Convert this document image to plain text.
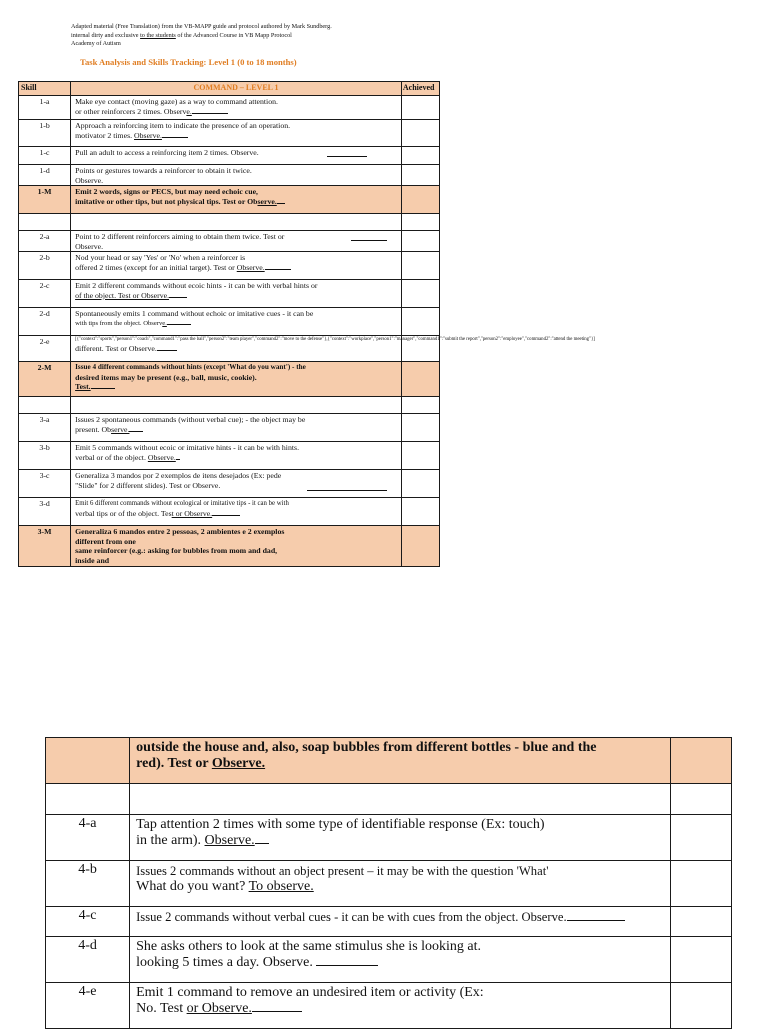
Adapted material (Free Translation) from the VB-MAPP guide and protocol authored by Mark Sundberg.
internal dirty and exclusive to the students of the Advanced Course in VB Mapp Protocol
Academy of Autism
Task Analysis and Skills Tracking: Level 1 (0 to 18 months)
Skill	COMMAND – LEVEL 1	Achieved
1-a	Make eye contact (moving gaze) as a way to command attention.
or other reinforcers 2 times. Observe.	

1-b	Approach a reinforcing item to indicate the presence of an operation.
motivator 2 times. Observe.	

1-c	Pull an adult to access a reinforcing item 2 times. Observe.	

1-d	Points or gestures towards a reinforcer to obtain it twice.
Observe.	

1-M	Emit 2 words, signs or PECS, but may need echoic cue,
imitative or other tips, but not physical tips. Test or Observe.	

2-a	Point to 2 different reinforcers aiming to obtain them twice. Test or
Observe.	

2-b	Nod your head or say 'Yes' or 'No' when a reinforcer is
offered 2 times (except for an initial target). Test or Observe.	

2-c	Emit 2 different commands without ecoic hints - it can be with verbal hints or
of the object. Test or Observe.	

2-d	Spontaneously emits 1 command without echoic or imitative cues - it can be
with tips from the object. Observe.	

2-e	[{"context":"sports","person1":"coach","command1":"pass the ball","person2":"team player","command2":"move to the defense"},{"context":"workplace","person1":"manager","command1":"submit the report","person2":"employee","command2":"attend the meeting"}]
different. Test or Observe.	

2-M	Issue 4 different commands without hints (except 'What do you want') - the
desired items may be present (e.g., ball, music, cookie).
Test.	

3-a	Issues 2 spontaneous commands (without verbal cue); - the object may be
present. Observe.	

3-b	Emit 5 commands without ecoic or imitative hints - it can be with hints.
verbal or of the object. Observe.	

3-c	Generaliza 3 mandos por 2 exemplos de itens desejados (Ex: pede
"Slide" for 2 different slides). Test or Observe.	

3-d	Emit 6 different commands without ecological or imitative tips - it can be with
verbal tips or of the object. Test or Observe.	

3-M	Generaliza 6 mandos entre 2 pessoas, 2 ambientes e 2 exemplos
different from one
same reinforcer (e.g.: asking for bubbles from mom and dad,
inside and	

	outside the house and, also, soap bubbles from different bottles - blue and the
red). Test or Observe.	

4-a	Tap attention 2 times with some type of identifiable response (Ex: touch)
in the arm). Observe.	

4-b	Issues 2 commands without an object present – it may be with the question 'What'
What do you want? To observe.	

4-c	Issue 2 commands without verbal cues - it can be with cues from the object. Observe.	

4-d	She asks others to look at the same stimulus she is looking at.
looking 5 times a day. Observe.	

4-e	Emit 1 command to remove an undesired item or activity (Ex:
No. Test or Observe.	
